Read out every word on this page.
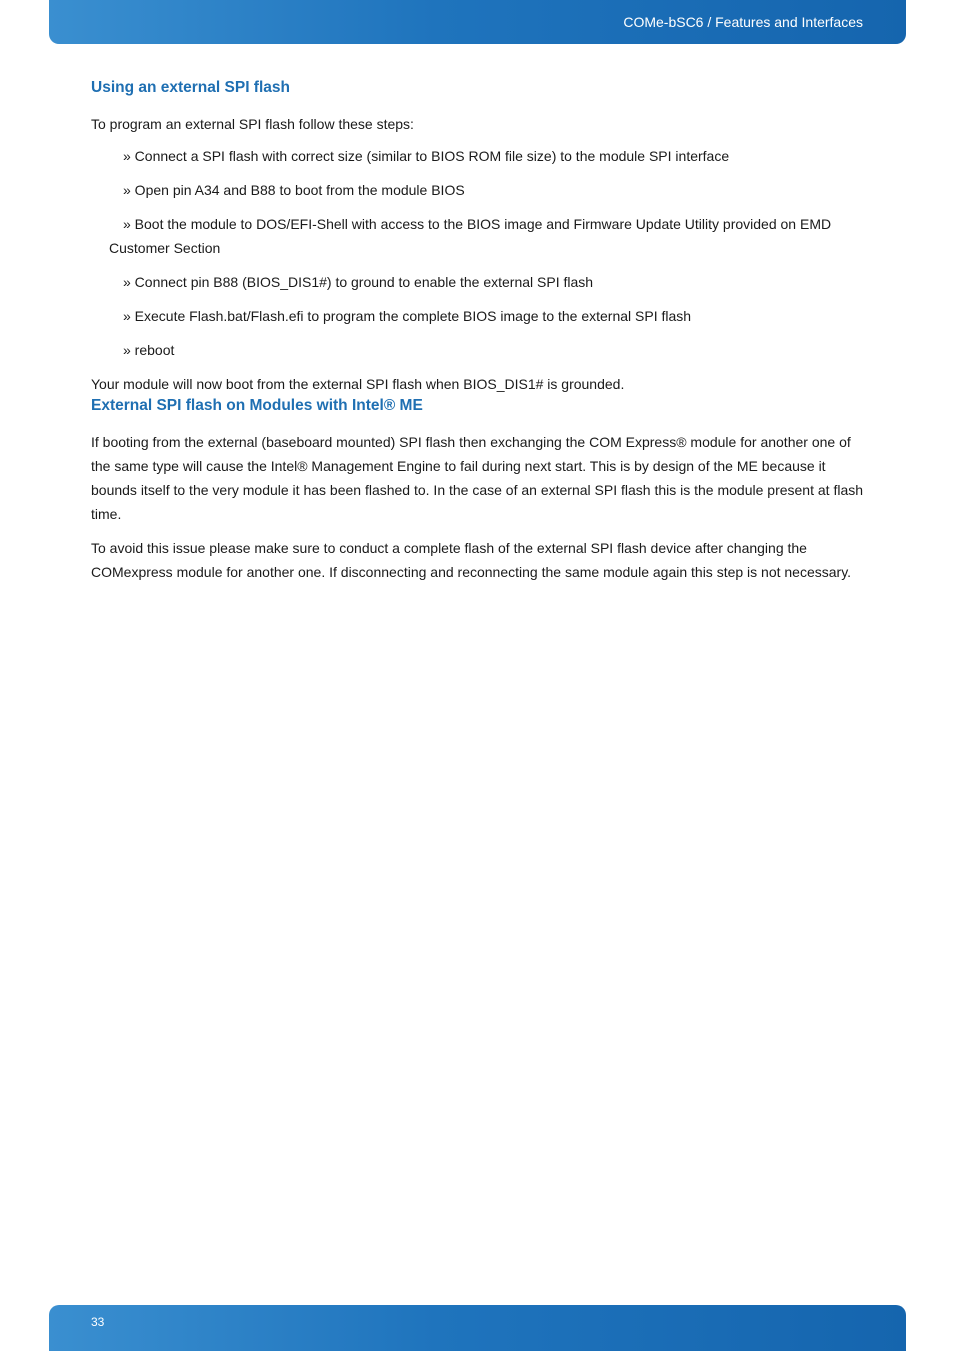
COMe-bSC6 / Features and Interfaces
Using an external SPI flash

To program an external SPI flash follow these steps:

» Connect a SPI flash with correct size (similar to BIOS ROM file size) to the module SPI interface
» Open pin A34 and B88 to boot from the module BIOS
» Boot the module to DOS/EFI-Shell with access to the BIOS image and Firmware Update Utility provided on EMD Customer Section
» Connect pin B88 (BIOS_DIS1#) to ground to enable the external SPI flash
» Execute Flash.bat/Flash.efi to program the complete BIOS image to the external SPI flash
» reboot

Your module will now boot from the external SPI flash when BIOS_DIS1# is grounded.

External SPI flash on Modules with Intel® ME

If booting from the external (baseboard mounted) SPI flash then exchanging the COM Express® module for another one of the same type will cause the Intel® Management Engine to fail during next start. This is by design of the ME because it bounds itself to the very module it has been flashed to. In the case of an external SPI flash this is the module present at flash time.

To avoid this issue please make sure to conduct a complete flash of the external SPI flash device after changing the COMexpress module for another one. If disconnecting and reconnecting the same module again this step is not necessary.

33
